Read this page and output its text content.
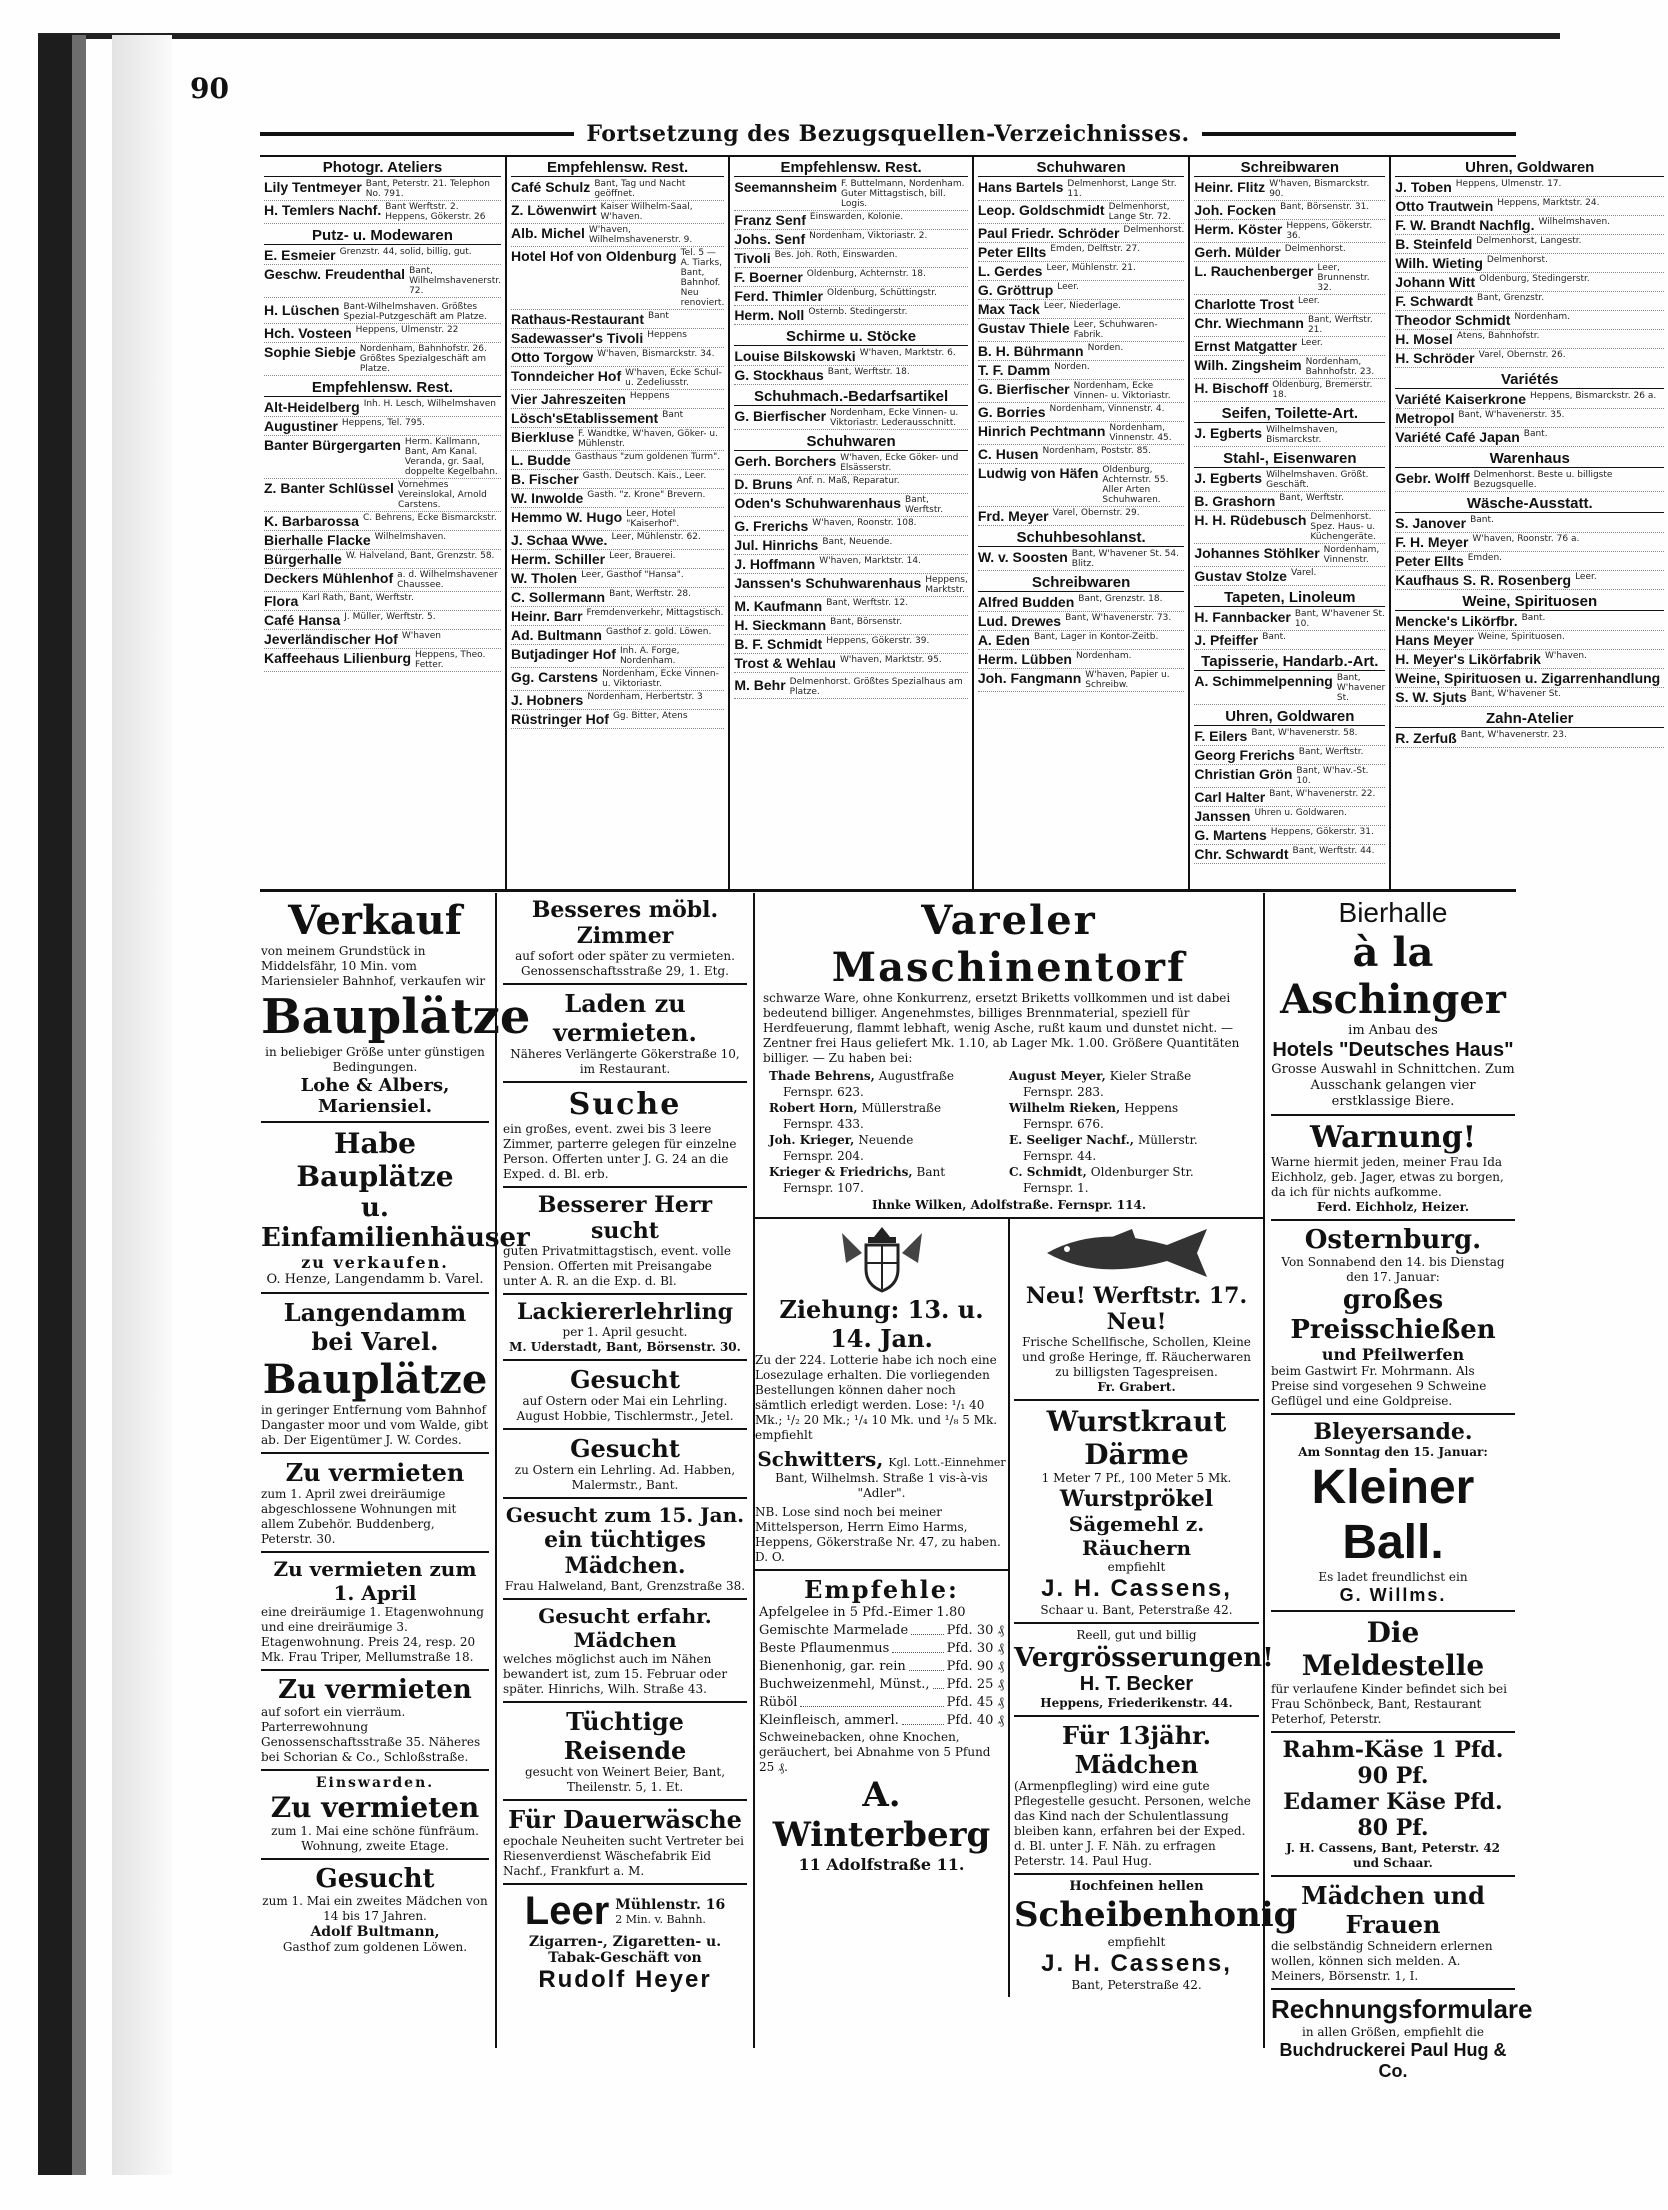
90
Fortsetzung des Bezugsquellen-Verzeichnisses.
Photogr. Ateliers
Lily Tentmeyer Bant, Peterstr. 21. Telephon No. 791.
H. Temlers Nachf. Bant Werftstr. 2. Heppens, Gökerstr. 26
Putz- u. Modewaren
E. Esmeier Grenzstr. 44, solid, billig, gut.
Geschw. Freudenthal Bant, Wilhelmshavenerstr. 72.
H. Lüschen Bant-Wilhelmshaven. Größtes Spezial-Putzgeschäft am Platze.
Hch. Vosteen Heppens, Ulmenstr. 22
Sophie Siebje Nordenham, Bahnhofstr. 26. Größtes Spezialgeschäft am Platze.
Empfehlensw. Rest.
Alt-Heidelberg Inh. H. Lesch, Wilhelmshaven
Augustiner Heppens, Tel. 795.
Banter Bürgergarten Herm. Kallmann, Bant, Am Kanal. Veranda, gr. Saal, doppelte Kegelbahn.
Z. Banter Schlüssel Vornehmes Vereinslokal, Arnold Carstens.
K. Barbarossa C. Behrens, Ecke Bismarckstr.
Bierhalle Flacke Wilhelmshaven.
Bürgerhalle W. Halveland, Bant, Grenzstr. 58.
Deckers Mühlenhof a. d. Wilhelmshavener Chaussee.
Flora Karl Rath, Bant, Werftstr.
Café Hansa J. Müller, Werftstr. 5.
Jeverländischer Hof W'haven
Kaffeehaus Lilienburg Heppens, Theo. Fetter.
Empfehlensw. Rest.
Café Schulz Bant, Tag und Nacht geöffnet.
Z. Löwenwirt Kaiser Wilhelm-Saal, W'haven.
Alb. Michel W'haven, Wilhelmshavenerstr. 9.
Hotel Hof von Oldenburg Tel. 5 — A. Tiarks, Bant, Bahnhof. Neu renoviert.
Rathaus-Restaurant Bant
Sadewasser's Tivoli Heppens
Otto Torgow W'haven, Bismarckstr. 34.
Tonndeicher Hof W'haven, Ecke Schul- u. Zedeliusstr.
Vier Jahreszeiten Heppens
Lösch'sEtablissement Bant
Bierkluse F. Wandtke, W'haven, Göker- u. Mühlenstr.
L. Budde Gasthaus "zum goldenen Turm".
B. Fischer Gasth. Deutsch. Kais., Leer.
W. Inwolde Gasth. "z. Krone" Brevern.
Hemmo W. Hugo Leer, Hotel "Kaiserhof".
J. Schaa Wwe. Leer, Mühlenstr. 62.
Herm. Schiller Leer, Brauerei.
W. Tholen Leer, Gasthof "Hansa".
C. Sollermann Bant, Werftstr. 28.
Heinr. Barr Fremdenverkehr, Mittagstisch.
Ad. Bultmann Gasthof z. gold. Löwen.
Butjadinger Hof Inh. A. Forge, Nordenham.
Gg. Carstens Nordenham, Ecke Vinnen- u. Viktoriastr.
J. Hobners Nordenham, Herbertstr. 3
Rüstringer Hof Gg. Bitter, Atens
Empfehlensw. Rest.
Seemannsheim F. Buttelmann, Nordenham. Guter Mittagstisch, bill. Logis.
Franz Senf Einswarden, Kolonie.
Johs. Senf Nordenham, Viktoriastr. 2.
Tivoli Bes. Joh. Roth, Einswarden.
F. Boerner Oldenburg, Achternstr. 18.
Ferd. Thimler Oldenburg, Schüttingstr.
Herm. Noll Osternb. Stedingerstr.
Schirme u. Stöcke
Louise Bilskowski W'haven, Marktstr. 6.
G. Stockhaus Bant, Werftstr. 18.
Schuhmach.-Bedarfsartikel
G. Bierfischer Nordenham, Ecke Vinnen- u. Viktoriastr. Lederausschnitt.
Schuhwaren
Gerh. Borchers W'haven, Ecke Göker- und Elsässerstr.
D. Bruns Anf. n. Maß, Reparatur.
Oden's Schuhwarenhaus Bant, Werftstr.
G. Frerichs W'haven, Roonstr. 108.
Jul. Hinrichs Bant, Neuende.
J. Hoffmann W'haven, Marktstr. 14.
Janssen's Schuhwarenhaus Heppens, Marktstr.
M. Kaufmann Bant, Werftstr. 12.
H. Sieckmann Bant, Börsenstr.
B. F. Schmidt Heppens, Gökerstr. 39.
Trost & Wehlau W'haven, Marktstr. 95.
M. Behr Delmenhorst. Größtes Spezialhaus am Platze.
Schuhwaren
Hans Bartels Delmenhorst, Lange Str. 11.
Leop. Goldschmidt Delmenhorst, Lange Str. 72.
Paul Friedr. Schröder Delmenhorst.
Peter Ellts Emden, Delftstr. 27.
L. Gerdes Leer, Mühlenstr. 21.
G. Gröttrup Leer.
Max Tack Leer, Niederlage.
Gustav Thiele Leer, Schuhwaren-Fabrik.
B. H. Bührmann Norden.
T. F. Damm Norden.
G. Bierfischer Nordenham, Ecke Vinnen- u. Viktoriastr.
G. Borries Nordenham, Vinnenstr. 4.
Hinrich Pechtmann Nordenham, Vinnenstr. 45.
C. Husen Nordenham, Poststr. 85.
Ludwig von Häfen Oldenburg, Achternstr. 55. Aller Arten Schuhwaren.
Frd. Meyer Varel, Obernstr. 29.
Schuhbesohlanst.
W. v. Soosten Bant, W'havener St. 54. Blitz.
Schreibwaren
Alfred Budden Bant, Grenzstr. 18.
Lud. Drewes Bant, W'havenerstr. 73.
A. Eden Bant, Lager in Kontor-Zeitb.
Herm. Lübben Nordenham.
Joh. Fangmann W'haven, Papier u. Schreibw.
Schreibwaren
Heinr. Flitz W'haven, Bismarckstr. 90.
Joh. Focken Bant, Börsenstr. 31.
Herm. Köster Heppens, Gökerstr. 36.
Gerh. Mülder Delmenhorst.
L. Rauchenberger Leer, Brunnenstr. 32.
Charlotte Trost Leer.
Chr. Wiechmann Bant, Werftstr. 21.
Ernst Matgatter Leer.
Wilh. Zingsheim Nordenham, Bahnhofstr. 23.
H. Bischoff Oldenburg, Bremerstr. 18.
Seifen, Toilette-Art.
J. Egberts Wilhelmshaven, Bismarckstr.
Stahl-, Eisenwaren
J. Egberts Wilhelmshaven. Größt. Geschäft.
B. Grashorn Bant, Werftstr.
H. H. Rüdebusch Delmenhorst. Spez. Haus- u. Küchengeräte.
Johannes Stöhlker Nordenham, Vinnenstr.
Gustav Stolze Varel.
Tapeten, Linoleum
H. Fannbacker Bant, W'havener St. 10.
J. Pfeiffer Bant.
Tapisserie, Handarb.-Art.
A. Schimmelpenning Bant, W'havener St.
Uhren, Goldwaren
F. Eilers Bant, W'havenerstr. 58.
Georg Frerichs Bant, Werftstr.
Christian Grön Bant, W'hav.-St. 10.
Carl Halter Bant, W'havenerstr. 22.
Janssen Uhren u. Goldwaren.
G. Martens Heppens, Gökerstr. 31.
Chr. Schwardt Bant, Werftstr. 44.
Uhren, Goldwaren
J. Toben Heppens, Ulmenstr. 17.
Otto Trautwein Heppens, Marktstr. 24.
F. W. Brandt Nachflg. Wilhelmshaven.
B. Steinfeld Delmenhorst, Langestr.
Wilh. Wieting Delmenhorst.
Johann Witt Oldenburg, Stedingerstr.
F. Schwardt Bant, Grenzstr.
Theodor Schmidt Nordenham.
H. Mosel Atens, Bahnhofstr.
H. Schröder Varel, Obernstr. 26.
Variétés
Variété Kaiserkrone Heppens, Bismarckstr. 26 a.
Metropol Bant, W'havenerstr. 35.
Variété Café Japan Bant.
Warenhaus
Gebr. Wolff Delmenhorst. Beste u. billigste Bezugsquelle.
Wäsche-Ausstatt.
S. Janover Bant.
F. H. Meyer W'haven, Roonstr. 76 a.
Peter Ellts Emden.
Kaufhaus S. R. Rosenberg Leer.
Weine, Spirituosen
Mencke's Likörfbr. Bant.
Hans Meyer Weine, Spirituosen.
H. Meyer's Likörfabrik W'haven.
Weine, Spirituosen u. Zigarrenhandlung
S. W. Sjuts Bant, W'havener St.
Zahn-Atelier
R. Zerfuß Bant, W'havenerstr. 23.
Verkauf
von meinem Grundstück in Middelsfähr, 10 Min. vom Mariensieler Bahnhof, verkaufen wir
Bauplätze
in beliebiger Größe unter günstigen Bedingungen.
Lohe & Albers, Mariensiel.
Habe Bauplätze
u. Einfamilienhäuser
zu verkaufen.
O. Henze, Langendamm b. Varel.
Langendamm bei Varel.
Bauplätze
in geringer Entfernung vom Bahnhof Dangaster moor und vom Walde, gibt ab. Der Eigentümer J. W. Cordes.
Zu vermieten
zum 1. April zwei dreiräumige abgeschlossene Wohnungen mit allem Zubehör. Buddenberg, Peterstr. 30.
Zu vermieten zum 1. April
eine dreiräumige 1. Etagenwohnung und eine dreiräumige 3. Etagenwohnung. Preis 24, resp. 20 Mk. Frau Triper, Mellumstraße 18.
Zu vermieten
auf sofort ein vierräum. Parterrewohnung Genossenschaftsstraße 35. Näheres bei Schorian & Co., Schloßstraße.
Einswarden.
Zu vermieten
zum 1. Mai eine schöne fünfräum. Wohnung, zweite Etage.
Gesucht
zum 1. Mai ein zweites Mädchen von 14 bis 17 Jahren.
Adolf Bultmann,
Gasthof zum goldenen Löwen.
Besseres möbl. Zimmer
auf sofort oder später zu vermieten. Genossenschaftsstraße 29, 1. Etg.
Laden zu vermieten.
Näheres Verlängerte Gökerstraße 10, im Restaurant.
Suche
ein großes, event. zwei bis 3 leere Zimmer, parterre gelegen für einzelne Person. Offerten unter J. G. 24 an die Exped. d. Bl. erb.
Besserer Herr sucht
guten Privatmittagstisch, event. volle Pension. Offerten mit Preisangabe unter A. R. an die Exp. d. Bl.
Lackiererlehrling
per 1. April gesucht.
M. Uderstadt, Bant, Börsenstr. 30.
Gesucht
auf Ostern oder Mai ein Lehrling. August Hobbie, Tischlermstr., Jetel.
Gesucht
zu Ostern ein Lehrling. Ad. Habben, Malermstr., Bant.
Gesucht zum 15. Jan.
ein tüchtiges Mädchen.
Frau Halweland, Bant, Grenzstraße 38.
Gesucht erfahr. Mädchen
welches möglichst auch im Nähen bewandert ist, zum 15. Februar oder später. Hinrichs, Wilh. Straße 43.
Tüchtige Reisende
gesucht von Weinert Beier, Bant, Theilenstr. 5, 1. Et.
Für Dauerwäsche
epochale Neuheiten sucht Vertreter bei Riesenverdienst Wäschefabrik Eid Nachf., Frankfurt a. M.
Leer Mühlenstr. 16
2 Min. v. Bahnh.
Zigarren-, Zigaretten- u. Tabak-Geschäft von
Rudolf Heyer
Vareler Maschinentorf
schwarze Ware, ohne Konkurrenz, ersetzt Briketts vollkommen und ist dabei bedeutend billiger. Angenehmstes, billiges Brennmaterial, speziell für Herdfeuerung, flammt lebhaft, wenig Asche, rußt kaum und dunstet nicht. — Zentner frei Haus geliefert Mk. 1.10, ab Lager Mk. 1.00. Größere Quantitäten billiger. — Zu haben bei:
Thade Behrens, Augustfraße
Fernspr. 623.
August Meyer, Kieler Straße
Fernspr. 283.
Robert Horn, Müllerstraße
Fernspr. 433.
Wilhelm Rieken, Heppens
Fernspr. 676.
Joh. Krieger, Neuende
Fernspr. 204.
E. Seeliger Nachf., Müllerstr.
Fernspr. 44.
Krieger & Friedrichs, Bant
Fernspr. 107.
C. Schmidt, Oldenburger Str.
Fernspr. 1.
Ihnke Wilken, Adolfstraße. Fernspr. 114.
Ziehung: 13. u. 14. Jan.
Zu der 224. Lotterie habe ich noch eine Losezulage erhalten. Die vorliegenden Bestellungen können daher noch sämtlich erledigt werden. Lose: ¹/₁ 40 Mk.; ¹/₂ 20 Mk.; ¹/₄ 10 Mk. und ¹/₈ 5 Mk. empfiehlt
Schwitters, Kgl. Lott.-Einnehmer
Bant, Wilhelmsh. Straße 1 vis-à-vis "Adler".
NB. Lose sind noch bei meiner Mittelsperson, Herrn Eimo Harms, Heppens, Gökerstraße Nr. 47, zu haben. D. O.
Empfehle:
Apfelgelee in 5 Pfd.-Eimer 1.80
Gemischte Marmelade	Pfd. 30 ₰
Beste Pflaumenmus	Pfd. 30 ₰
Bienenhonig, gar. rein	Pfd. 90 ₰
Buchweizenmehl, Münst., Pfd. 25 ₰
Rüböl	Pfd. 45 ₰
Kleinfleisch, ammerl.	Pfd. 40 ₰
Schweinebacken, ohne Knochen, geräuchert, bei Abnahme von 5 Pfund 25 ₰.
A. Winterberg
11 Adolfstraße 11.
Neu! Werftstr. 17. Neu!
Frische Schellfische, Schollen, Kleine und große Heringe, ff. Räucherwaren zu billigsten Tagespreisen.
Fr. Grabert.
Wurstkraut
Därme
1 Meter 7 Pf., 100 Meter 5 Mk.
Wurstprökel
Sägemehl z. Räuchern
empfiehlt
J. H. Cassens,
Schaar u. Bant, Peterstraße 42.
Reell, gut und billig
Vergrösserungen!
H. T. Becker
Heppens, Friederikenstr. 44.
Für 13jähr. Mädchen
(Armenpflegling) wird eine gute Pflegestelle gesucht. Personen, welche das Kind nach der Schulentlassung bleiben kann, erfahren bei der Exped. d. Bl. unter J. F. Näh. zu erfragen Peterstr. 14. Paul Hug.
Hochfeinen hellen
Scheibenhonig
empfiehlt
J. H. Cassens,
Bant, Peterstraße 42.
Bierhalle
à la Aschinger
im Anbau des
Hotels "Deutsches Haus"
Grosse Auswahl in Schnittchen. Zum Ausschank gelangen vier erstklassige Biere.
Warnung!
Warne hiermit jeden, meiner Frau Ida Eichholz, geb. Jager, etwas zu borgen, da ich für nichts aufkomme.
Ferd. Eichholz, Heizer.
Osternburg.
Von Sonnabend den 14. bis Dienstag den 17. Januar:
großes Preisschießen
und Pfeilwerfen
beim Gastwirt Fr. Mohrmann. Als Preise sind vorgesehen 9 Schweine Geflügel und eine Goldpreise.
Bleyersande.
Am Sonntag den 15. Januar:
Kleiner Ball.
Es ladet freundlichst ein
G. Willms.
Die Meldestelle
für verlaufene Kinder befindet sich bei Frau Schönbeck, Bant, Restaurant Peterhof, Peterstr.
Rahm-Käse 1 Pfd. 90 Pf.
Edamer Käse Pfd. 80 Pf.
J. H. Cassens, Bant, Peterstr. 42 und Schaar.
Mädchen und Frauen
die selbständig Schneidern erlernen wollen, können sich melden. A. Meiners, Börsenstr. 1, I.
Rechnungsformulare
in allen Größen, empfiehlt die
Buchdruckerei Paul Hug & Co.
